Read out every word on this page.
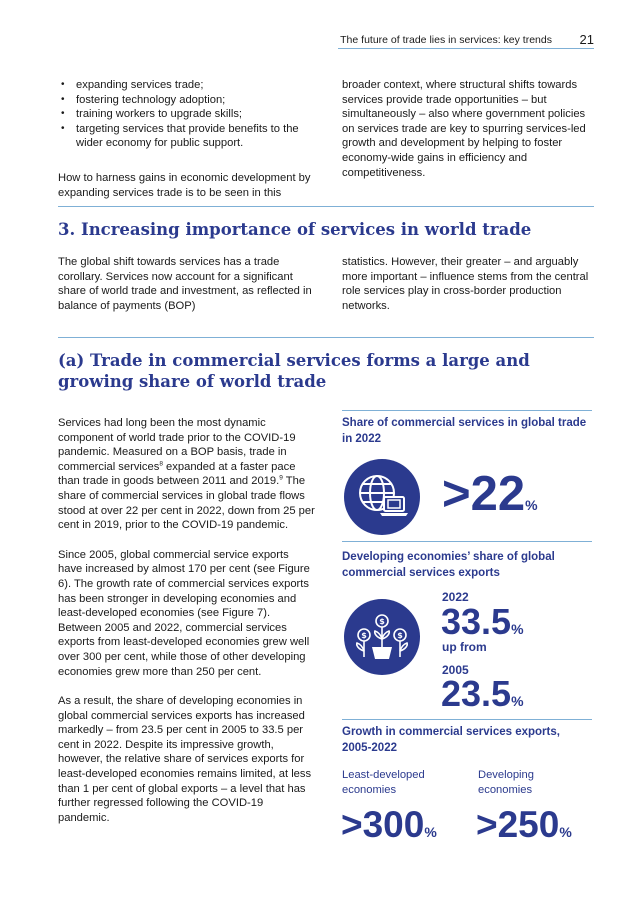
The future of trade lies in services: key trends 21
• expanding services trade;
• fostering technology adoption;
• training workers to upgrade skills;
• targeting services that provide benefits to the wider economy for public support.

How to harness gains in economic development by expanding services trade is to be seen in this

broader context, where structural shifts towards services provide trade opportunities – but simultaneously – also where government policies on services trade are key to spurring services-led growth and development by helping to foster economy-wide gains in efficiency and competitiveness.

3. Increasing importance of services in world trade

The global shift towards services has a trade corollary. Services now account for a significant share of world trade and investment, as reflected in balance of payments (BOP)

statistics. However, their greater – and arguably more important – influence stems from the central role services play in cross-border production networks.

(a) Trade in commercial services forms a large and growing share of world trade

Services had long been the most dynamic component of world trade prior to the COVID-19 pandemic. Measured on a BOP basis, trade in commercial services$^8$ expanded at a faster pace than trade in goods between 2011 and 2019.$^9$ The share of commercial services in global trade flows stood at over 22 per cent in 2022, down from 25 per cent in 2019, prior to the COVID-19 pandemic.

Since 2005, global commercial service exports have increased by almost 170 per cent (see Figure 6). The growth rate of commercial services exports has been stronger in developing economies and least-developed economies (see Figure 7). Between 2005 and 2022, commercial services exports from least-developed economies grew well over 300 per cent, while those of other developing economies grew more than 250 per cent.

As a result, the share of developing economies in global commercial services exports has increased markedly – from 23.5 per cent in 2005 to 33.5 per cent in 2022. Despite its impressive growth, however, the relative share of services exports for least-developed economies remains limited, at less than 1 per cent of global exports – a level that has further regressed following the COVID-19 pandemic.

Share of commercial services in global trade in 2022

>22%

Developing economies’ share of global commercial services exports

$
$	$
2022
33.5%
up from
2005
23.5%

Growth in commercial services exports, 2005-2022

Least-developed economies
Developing economies
>300% >250%
